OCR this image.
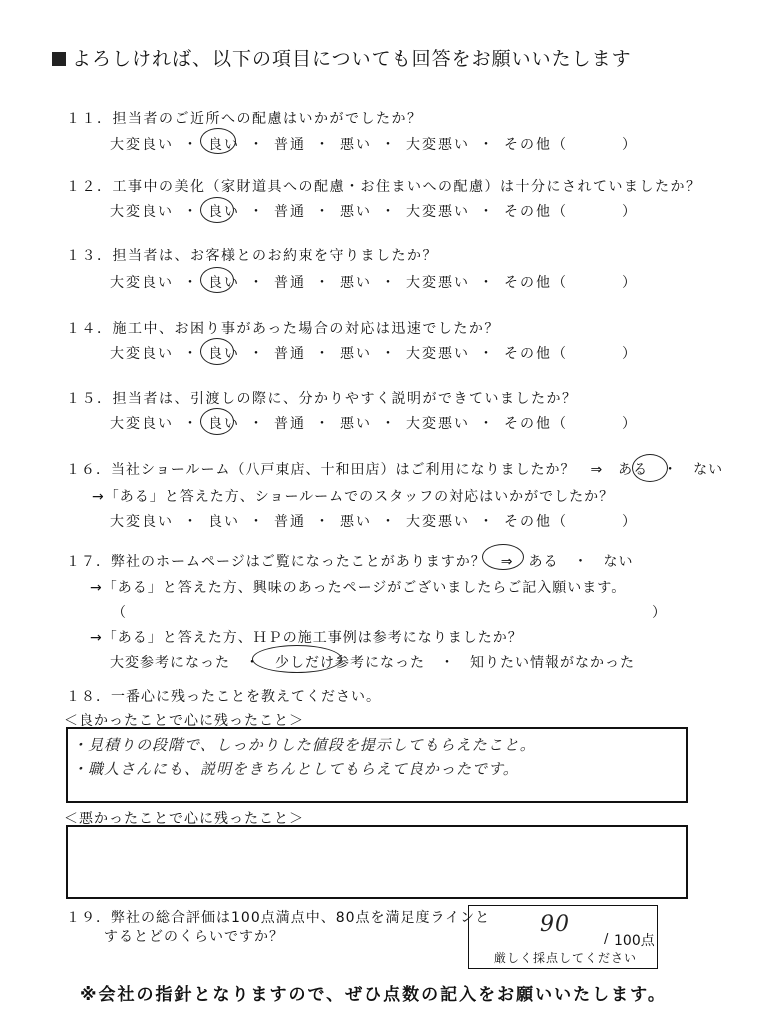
よろしければ、以下の項目についても回答をお願いいたします
１１．担当者のご近所への配慮はいかがでしたか？
大変良い ・ 良い ・ 普通 ・ 悪い ・ 大変悪い ・ その他（	）
１２．工事中の美化（家財道具への配慮・お住まいへの配慮）は十分にされていましたか？
大変良い ・ 良い ・ 普通 ・ 悪い ・ 大変悪い ・ その他（	）
１３．担当者は、お客様とのお約束を守りましたか？
大変良い ・ 良い ・ 普通 ・ 悪い ・ 大変悪い ・ その他（	）
１４．施工中、お困り事があった場合の対応は迅速でしたか？
大変良い ・ 良い ・ 普通 ・ 悪い ・ 大変悪い ・ その他（	）
１５．担当者は、引渡しの際に、分かりやすく説明ができていましたか？
大変良い ・ 良い ・ 普通 ・ 悪い ・ 大変悪い ・ その他（	）
１６．当社ショールーム（八戸東店、十和田店）はご利用になりましたか？　⇒　ある　・　ない
→「ある」と答えた方、ショールームでのスタッフの対応はいかがでしたか？
大変良い ・ 良い ・ 普通 ・ 悪い ・ 大変悪い ・ その他（	）
１７．弊社のホームページはご覧になったことがありますか？　⇒　ある　・　ない
→「ある」と答えた方、興味のあったページがございましたらご記入願います。
（	）
→「ある」と答えた方、ＨＰの施工事例は参考になりましたか？
大変参考になった　・　少しだけ参考になった　・　知りたい情報がなかった
１８．一番心に残ったことを教えてください。
＜良かったことで心に残ったこと＞
・見積りの段階で、しっかりした値段を提示してもらえたこと。
・職人さんにも、説明をきちんとしてもらえて良かったです。
＜悪かったことで心に残ったこと＞
１９．弊社の総合評価は100点満点中、80点を満足度ラインと
するとどのくらいですか？	90
/ 100点
厳しく採点してください
※会社の指針となりますので、ぜひ点数の記入をお願いいたします。
